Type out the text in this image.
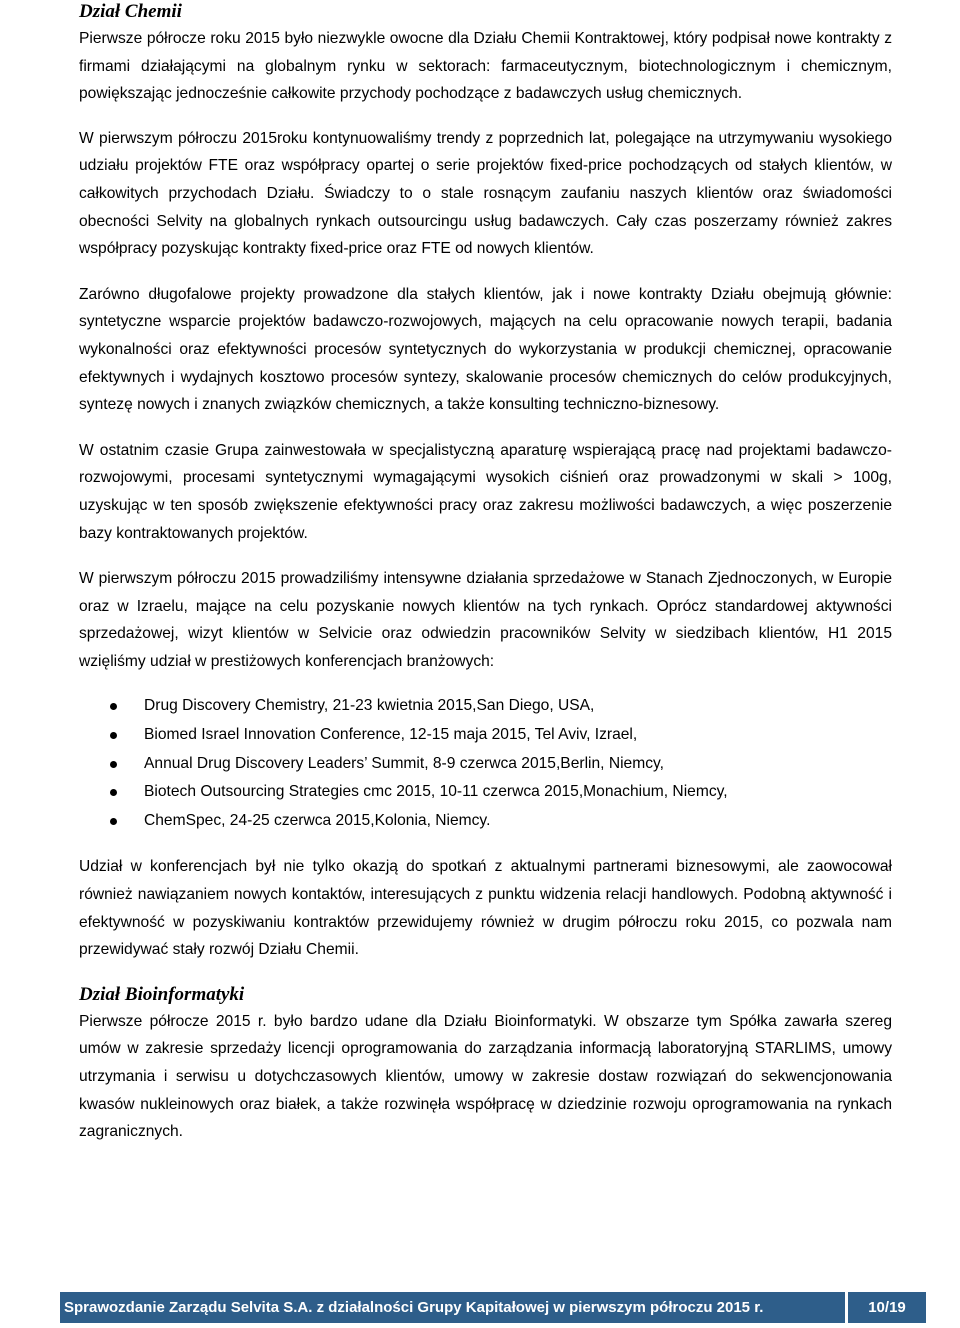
Dział Chemii

Pierwsze półrocze roku 2015 było niezwykle owocne dla Działu Chemii Kontraktowej, który podpisał nowe kontrakty z firmami działającymi na globalnym rynku w sektorach: farmaceutycznym, biotechnologicznym i chemicznym, powiększając jednocześnie całkowite przychody pochodzące z badawczych usług chemicznych.

W pierwszym półroczu 2015roku kontynuowaliśmy trendy z poprzednich lat, polegające na utrzymywaniu wysokiego udziału projektów FTE oraz współpracy opartej o serie projektów fixed-price pochodzących od stałych klientów, w całkowitych przychodach Działu. Świadczy to o stale rosnącym zaufaniu naszych klientów oraz świadomości obecności Selvity na globalnych rynkach outsourcingu usług badawczych. Cały czas poszerzamy również zakres współpracy pozyskując kontrakty fixed-price oraz FTE od nowych klientów.

Zarówno długofalowe projekty prowadzone dla stałych klientów, jak i nowe kontrakty Działu obejmują głównie: syntetyczne wsparcie projektów badawczo-rozwojowych, mających na celu opracowanie nowych terapii, badania wykonalności oraz efektywności procesów syntetycznych do wykorzystania w produkcji chemicznej, opracowanie efektywnych i wydajnych kosztowo procesów syntezy, skalowanie procesów chemicznych do celów produkcyjnych, syntezę nowych i znanych związków chemicznych, a także konsulting techniczno-biznesowy.

W ostatnim czasie Grupa zainwestowała w specjalistyczną aparaturę wspierającą pracę nad projektami badawczo-rozwojowymi, procesami syntetycznymi wymagającymi wysokich ciśnień oraz prowadzonymi w skali > 100g, uzyskując w ten sposób zwiększenie efektywności pracy oraz zakresu możliwości badawczych, a więc poszerzenie bazy kontraktowanych projektów.

W pierwszym półroczu 2015 prowadziliśmy intensywne działania sprzedażowe w Stanach Zjednoczonych, w Europie oraz w Izraelu, mające na celu pozyskanie nowych klientów na tych rynkach. Oprócz standardowej aktywności sprzedażowej, wizyt klientów w Selvicie oraz odwiedzin pracowników Selvity w siedzibach klientów, H1 2015 wzięliśmy udział w prestiżowych konferencjach branżowych:

Drug Discovery Chemistry, 21-23 kwietnia 2015,San Diego, USA,
Biomed Israel Innovation Conference, 12-15 maja 2015, Tel Aviv, Izrael,
Annual Drug Discovery Leaders’ Summit, 8-9 czerwca 2015,Berlin, Niemcy,
Biotech Outsourcing Strategies cmc 2015, 10-11 czerwca 2015,Monachium, Niemcy,
ChemSpec, 24-25 czerwca 2015,Kolonia, Niemcy.

Udział w konferencjach był nie tylko okazją do spotkań z aktualnymi partnerami biznesowymi, ale zaowocował również nawiązaniem nowych kontaktów, interesujących z punktu widzenia relacji handlowych. Podobną aktywność i efektywność w pozyskiwaniu kontraktów przewidujemy również w drugim półroczu roku 2015, co pozwala nam przewidywać stały rozwój Działu Chemii.

Dział Bioinformatyki

Pierwsze półrocze 2015 r. było bardzo udane dla Działu Bioinformatyki. W obszarze tym Spółka zawarła szereg umów w zakresie sprzedaży licencji oprogramowania do zarządzania informacją laboratoryjną STARLIMS, umowy utrzymania i serwisu u dotychczasowych klientów, umowy w zakresie dostaw rozwiązań do sekwencjonowania kwasów nukleinowych oraz białek, a także rozwinęła współpracę w dziedzinie rozwoju oprogramowania na rynkach zagranicznych.

Sprawozdanie Zarządu Selvita S.A. z działalności Grupy Kapitałowej w pierwszym półroczu 2015 r.	10/19
